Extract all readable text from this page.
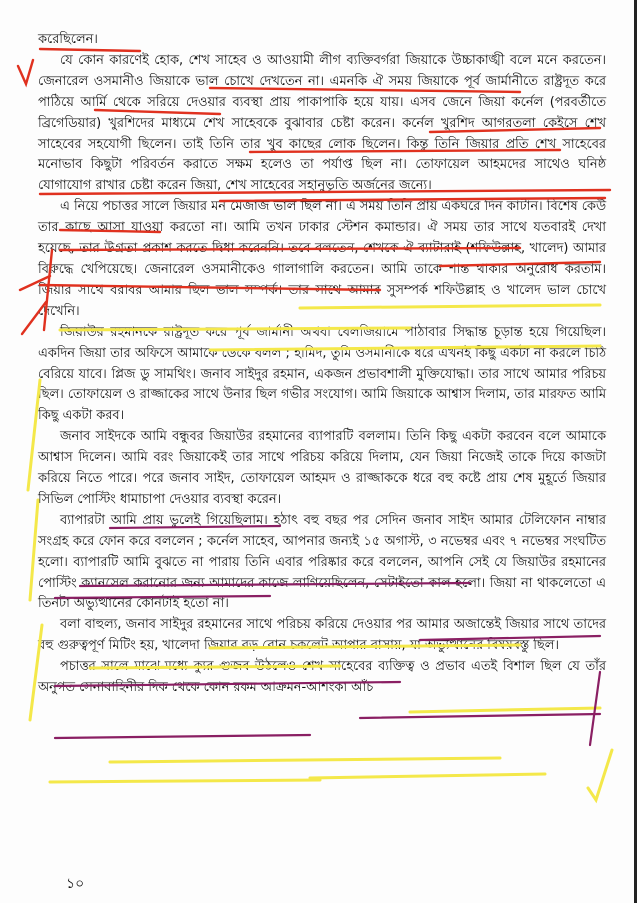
করেছিলেন।

যে কোন কারণেই হোক, শেখ সাহেব ও আওয়ামী লীগ ব্যক্তিবর্গরা জিয়াকে উচ্চাকাঙ্খী বলে মনে করতেন। জেনারেল ওসমানীও জিয়াকে ভাল চোখে দেখতেন না। এমনকি ঐ সময় জিয়াকে পূর্ব জার্মানীতে রাষ্ট্রদূত করে পাঠিয়ে আর্মি থেকে সরিয়ে দেওয়ার ব্যবস্থা প্রায় পাকাপাকি হয়ে যায়। এসব জেনে জিয়া কর্নেল (পরবর্তীতে ব্রিগেডিয়ার) খুরশিদের মাধ্যমে শেখ সাহেবকে বুঝাবার চেষ্টা করেন। কর্নেল খুরশিদ আগরতলা কেইসে শেখ সাহেবের সহযোগী ছিলেন। তাই তিনি তার খুব কাছের লোক ছিলেন। কিন্তু তিনি জিয়ার প্রতি শেখ সাহেবের মনোভাব কিছুটা পরিবর্তন করাতে সক্ষম হলেও তা পর্যাপ্ত ছিল না। তোফায়েল আহমদের সাথেও ঘনিষ্ঠ যোগাযোগ রাখার চেষ্টা করেন জিয়া, শেখ সাহেবের সহানুভূতি অর্জনের জন্যে।

এ নিয়ে পচাত্তর সালে জিয়ার মন মেজাজ ভাল ছিল না। এ সময় তিনি প্রায় একঘরে দিন কাটান। বিশেষ কেউ তার কাছে আসা যাওয়া করতো না। আমি তখন ঢাকার স্টেশন কমান্ডার। ঐ সময় তার সাথে যতবারই দেখা হয়েছে, তার উগ্রতা প্রকাশ করতে দ্বিধা করেননি। তবে বলতেন, শেখকে ঐ ব্যাটারাই (শফিউল্লাহ, খালেদ) আমার বিরুদ্ধে খেপিয়েছে। জেনারেল ওসমানীকেও গালাগালি করতেন। আমি তাকে শান্ত থাকার অনুরোধ করতাম। জিয়ার সাথে বরাবর আমার ছিল ভাল সম্পর্ক। তার সাথে আমার সুসম্পর্ক শফিউল্লাহ ও খালেদ ভাল চোখে দেখেনি।

জিয়াউর রহমানকে রাষ্ট্রদূত করে পূর্ব জার্মানী অথবা বেলজিয়ামে পাঠাবার সিদ্ধান্ত চূড়ান্ত হয়ে গিয়েছিল। একদিন জিয়া তার অফিসে আমাকে ডেকে বলল ; হামিদ, তুমি ওসমানীকে ধরে এখনই কিছু একটা না করলে চিঠি বেরিয়ে যাবে। প্লিজ ডু সামথিং। জনাব সাইদুর রহমান, একজন প্রভাবশালী মুক্তিযোদ্ধা। তার সাথে আমার পরিচয় ছিল। তোফায়েল ও রাজ্জাকের সাথে উনার ছিল গভীর সংযোগ। আমি জিয়াকে আশ্বাস দিলাম, তার মারফত আমি কিছু একটা করব।

জনাব সাইদকে আমি বন্ধুবর জিয়াউর রহমানের ব্যাপারটি বললাম। তিনি কিছু একটা করবেন বলে আমাকে আশ্বাস দিলেন। আমি বরং জিয়াকেই তার সাথে পরিচয় করিয়ে দিলাম, যেন জিয়া নিজেই তাকে দিয়ে কাজটা করিয়ে নিতে পারে। পরে জনাব সাইদ, তোফায়েল আহমদ ও রাজ্জাককে ধরে বহু কষ্টে প্রায় শেষ মুহূর্তে জিয়ার সিভিল পোস্টিং ধামাচাপা দেওয়ার ব্যবস্থা করেন।

ব্যাপারটা আমি প্রায় ভুলেই গিয়েছিলাম। হঠাৎ বহু বছর পর সেদিন জনাব সাইদ আমার টেলিফোন নাম্বার সংগ্রহ করে ফোন করে বললেন ; কর্নেল সাহেব, আপনার জন্যই ১৫ অগাস্ট, ৩ নভেম্বর এবং ৭ নভেম্বর সংঘটিত হলো। ব্যাপারটি আমি বুঝতে না পারায় তিনি এবার পরিষ্কার করে বললেন, আপনি সেই যে জিয়াউর রহমানের পোস্টিং ক্যানসেল করানোর জন্য আমাদের কাজে লাগিয়েছিলেন, সেটাইতো কাল হলো। জিয়া না থাকলেতো এ তিনটা অভ্যুত্থানের কোনটাই হতো না।

বলা বাহুল্য, জনাব সাইদুর রহমানের সাথে পরিচয় করিয়ে দেওয়ার পর আমার অজান্তেই জিয়ার সাথে তাদের বহু গুরুত্বপূর্ণ মিটিং হয়, খালেদা জিয়ার বড় বোন চকলেট আপার বাসায়, যা অভ্যুত্থানের বিষয়বস্তু ছিল।

পচাত্তর সালে মাঝে-মধ্যে ক্যুর গুজব উঠলেও শেখ সাহেবের ব্যক্তিত্ব ও প্রভাব এতই বিশাল ছিল যে তাঁর অনুগত সেনাবাহিনীর দিক থেকে কোন রকম আক্রমন-আশংকা আঁচ

১০
